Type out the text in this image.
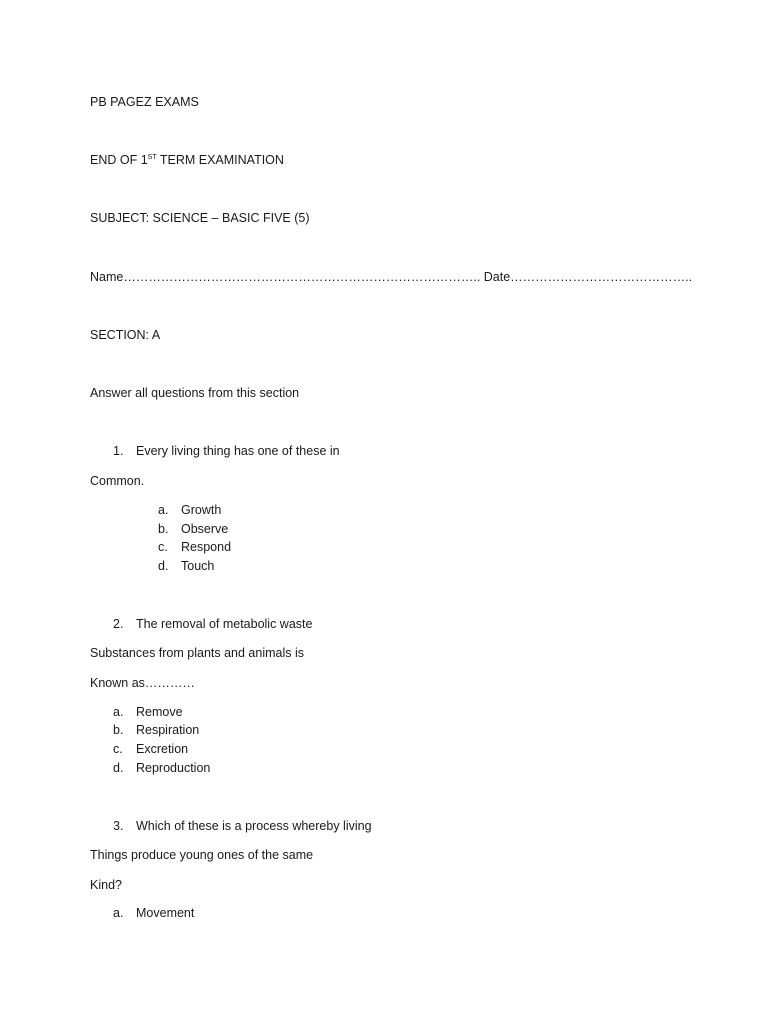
PB PAGEZ EXAMS
END OF 1ST TERM EXAMINATION
SUBJECT: SCIENCE – BASIC FIVE (5)
Name………………………………………………………………………….. Date……………………………………..
SECTION: A
Answer all questions from this section
1. Every living thing has one of these in
Common.
a. Growth
b. Observe
c. Respond
d. Touch
2. The removal of metabolic waste
Substances from plants and animals is
Known as…………
a. Remove
b. Respiration
c. Excretion
d. Reproduction
3. Which of these is a process whereby living
Things produce young ones of the same
Kind?
a. Movement
